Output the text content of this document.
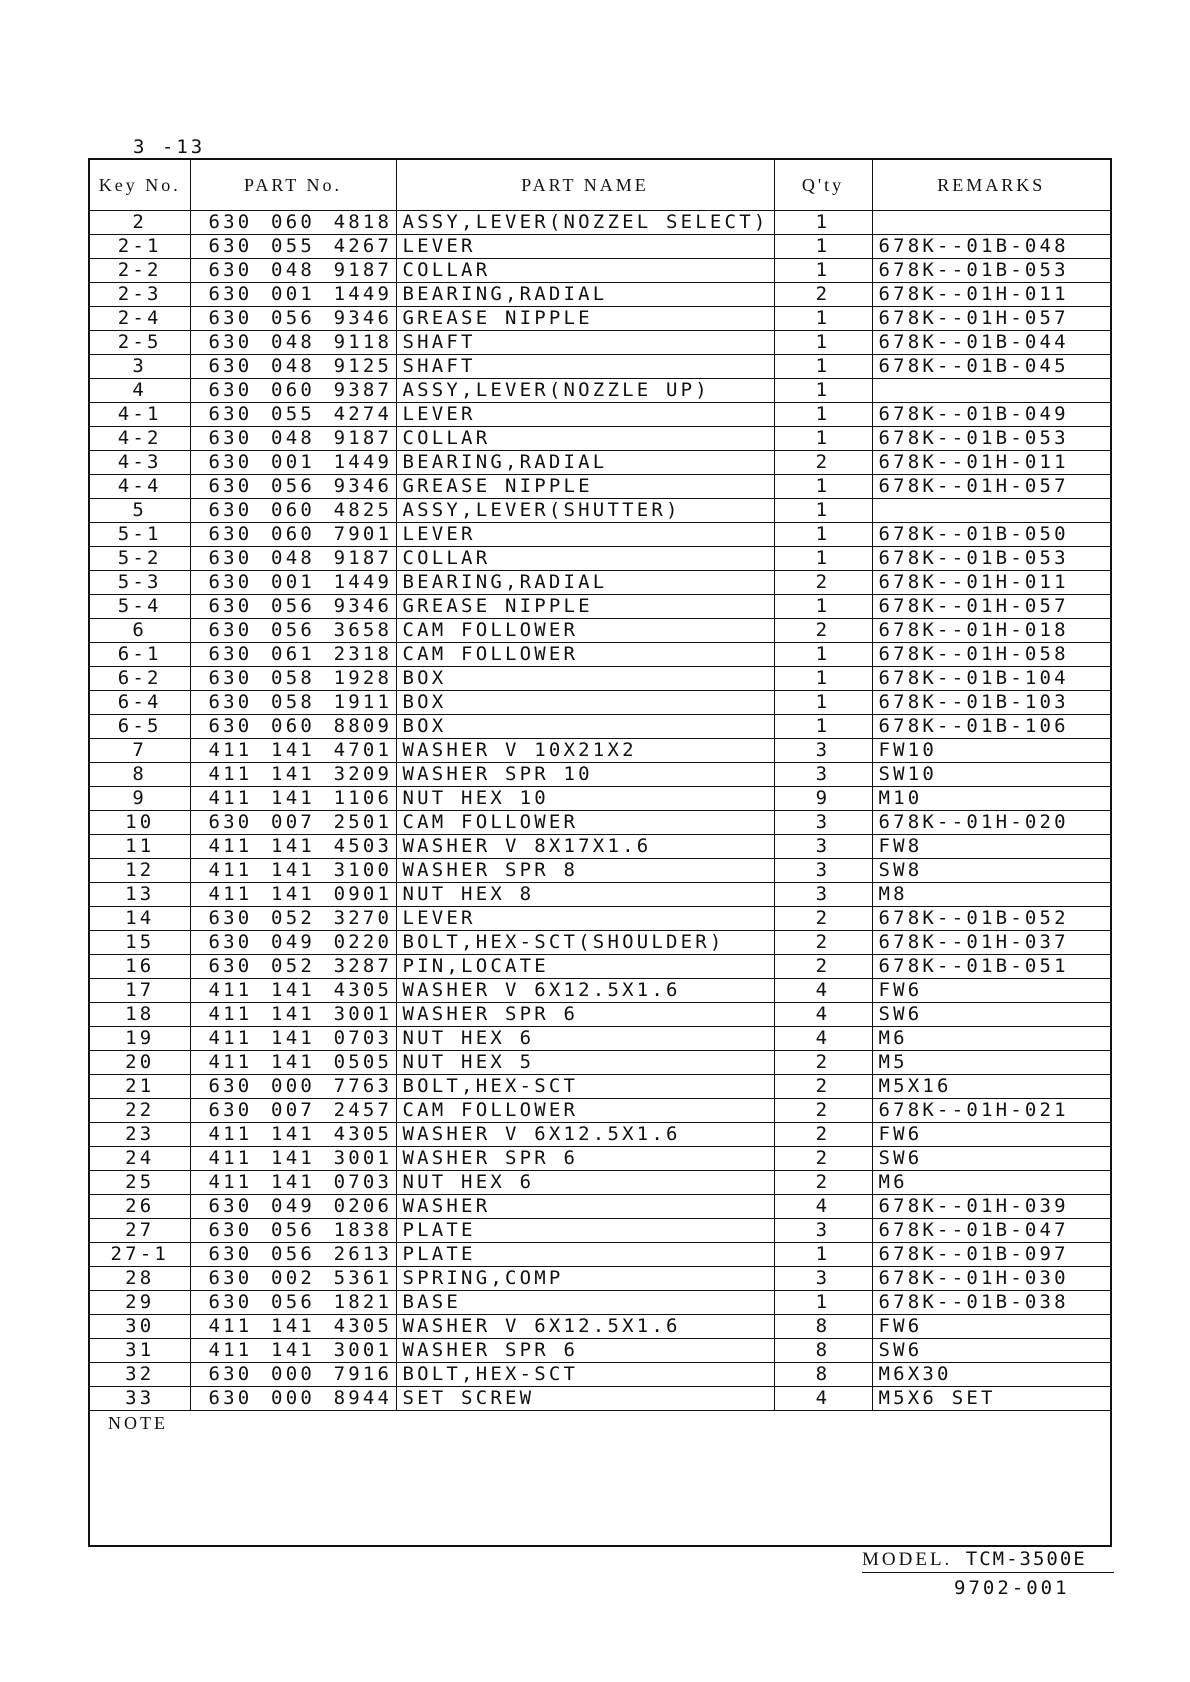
3 -13
Key No.	PART No.	PART NAME	Q'ty	REMARKS
2	630 060 4818	ASSY,LEVER(NOZZEL SELECT)	1	
2-1	630 055 4267	LEVER	1	678K--01B-048
2-2	630 048 9187	COLLAR	1	678K--01B-053
2-3	630 001 1449	BEARING,RADIAL	2	678K--01H-011
2-4	630 056 9346	GREASE NIPPLE	1	678K--01H-057
2-5	630 048 9118	SHAFT	1	678K--01B-044
3	630 048 9125	SHAFT	1	678K--01B-045
4	630 060 9387	ASSY,LEVER(NOZZLE UP)	1	
4-1	630 055 4274	LEVER	1	678K--01B-049
4-2	630 048 9187	COLLAR	1	678K--01B-053
4-3	630 001 1449	BEARING,RADIAL	2	678K--01H-011
4-4	630 056 9346	GREASE NIPPLE	1	678K--01H-057
5	630 060 4825	ASSY,LEVER(SHUTTER)	1	
5-1	630 060 7901	LEVER	1	678K--01B-050
5-2	630 048 9187	COLLAR	1	678K--01B-053
5-3	630 001 1449	BEARING,RADIAL	2	678K--01H-011
5-4	630 056 9346	GREASE NIPPLE	1	678K--01H-057
6	630 056 3658	CAM FOLLOWER	2	678K--01H-018
6-1	630 061 2318	CAM FOLLOWER	1	678K--01H-058
6-2	630 058 1928	BOX	1	678K--01B-104
6-4	630 058 1911	BOX	1	678K--01B-103
6-5	630 060 8809	BOX	1	678K--01B-106
7	411 141 4701	WASHER V 10X21X2	3	FW10
8	411 141 3209	WASHER SPR 10	3	SW10
9	411 141 1106	NUT HEX 10	9	M10
10	630 007 2501	CAM FOLLOWER	3	678K--01H-020
11	411 141 4503	WASHER V 8X17X1.6	3	FW8
12	411 141 3100	WASHER SPR 8	3	SW8
13	411 141 0901	NUT HEX 8	3	M8
14	630 052 3270	LEVER	2	678K--01B-052
15	630 049 0220	BOLT,HEX-SCT(SHOULDER)	2	678K--01H-037
16	630 052 3287	PIN,LOCATE	2	678K--01B-051
17	411 141 4305	WASHER V 6X12.5X1.6	4	FW6
18	411 141 3001	WASHER SPR 6	4	SW6
19	411 141 0703	NUT HEX 6	4	M6
20	411 141 0505	NUT HEX 5	2	M5
21	630 000 7763	BOLT,HEX-SCT	2	M5X16
22	630 007 2457	CAM FOLLOWER	2	678K--01H-021
23	411 141 4305	WASHER V 6X12.5X1.6	2	FW6
24	411 141 3001	WASHER SPR 6	2	SW6
25	411 141 0703	NUT HEX 6	2	M6
26	630 049 0206	WASHER	4	678K--01H-039
27	630 056 1838	PLATE	3	678K--01B-047
27-1	630 056 2613	PLATE	1	678K--01B-097
28	630 002 5361	SPRING,COMP	3	678K--01H-030
29	630 056 1821	BASE	1	678K--01B-038
30	411 141 4305	WASHER V 6X12.5X1.6	8	FW6
31	411 141 3001	WASHER SPR 6	8	SW6
32	630 000 7916	BOLT,HEX-SCT	8	M6X30
33	630 000 8944	SET SCREW	4	M5X6 SET
NOTE
MODEL. TCM-3500E
9702-001
